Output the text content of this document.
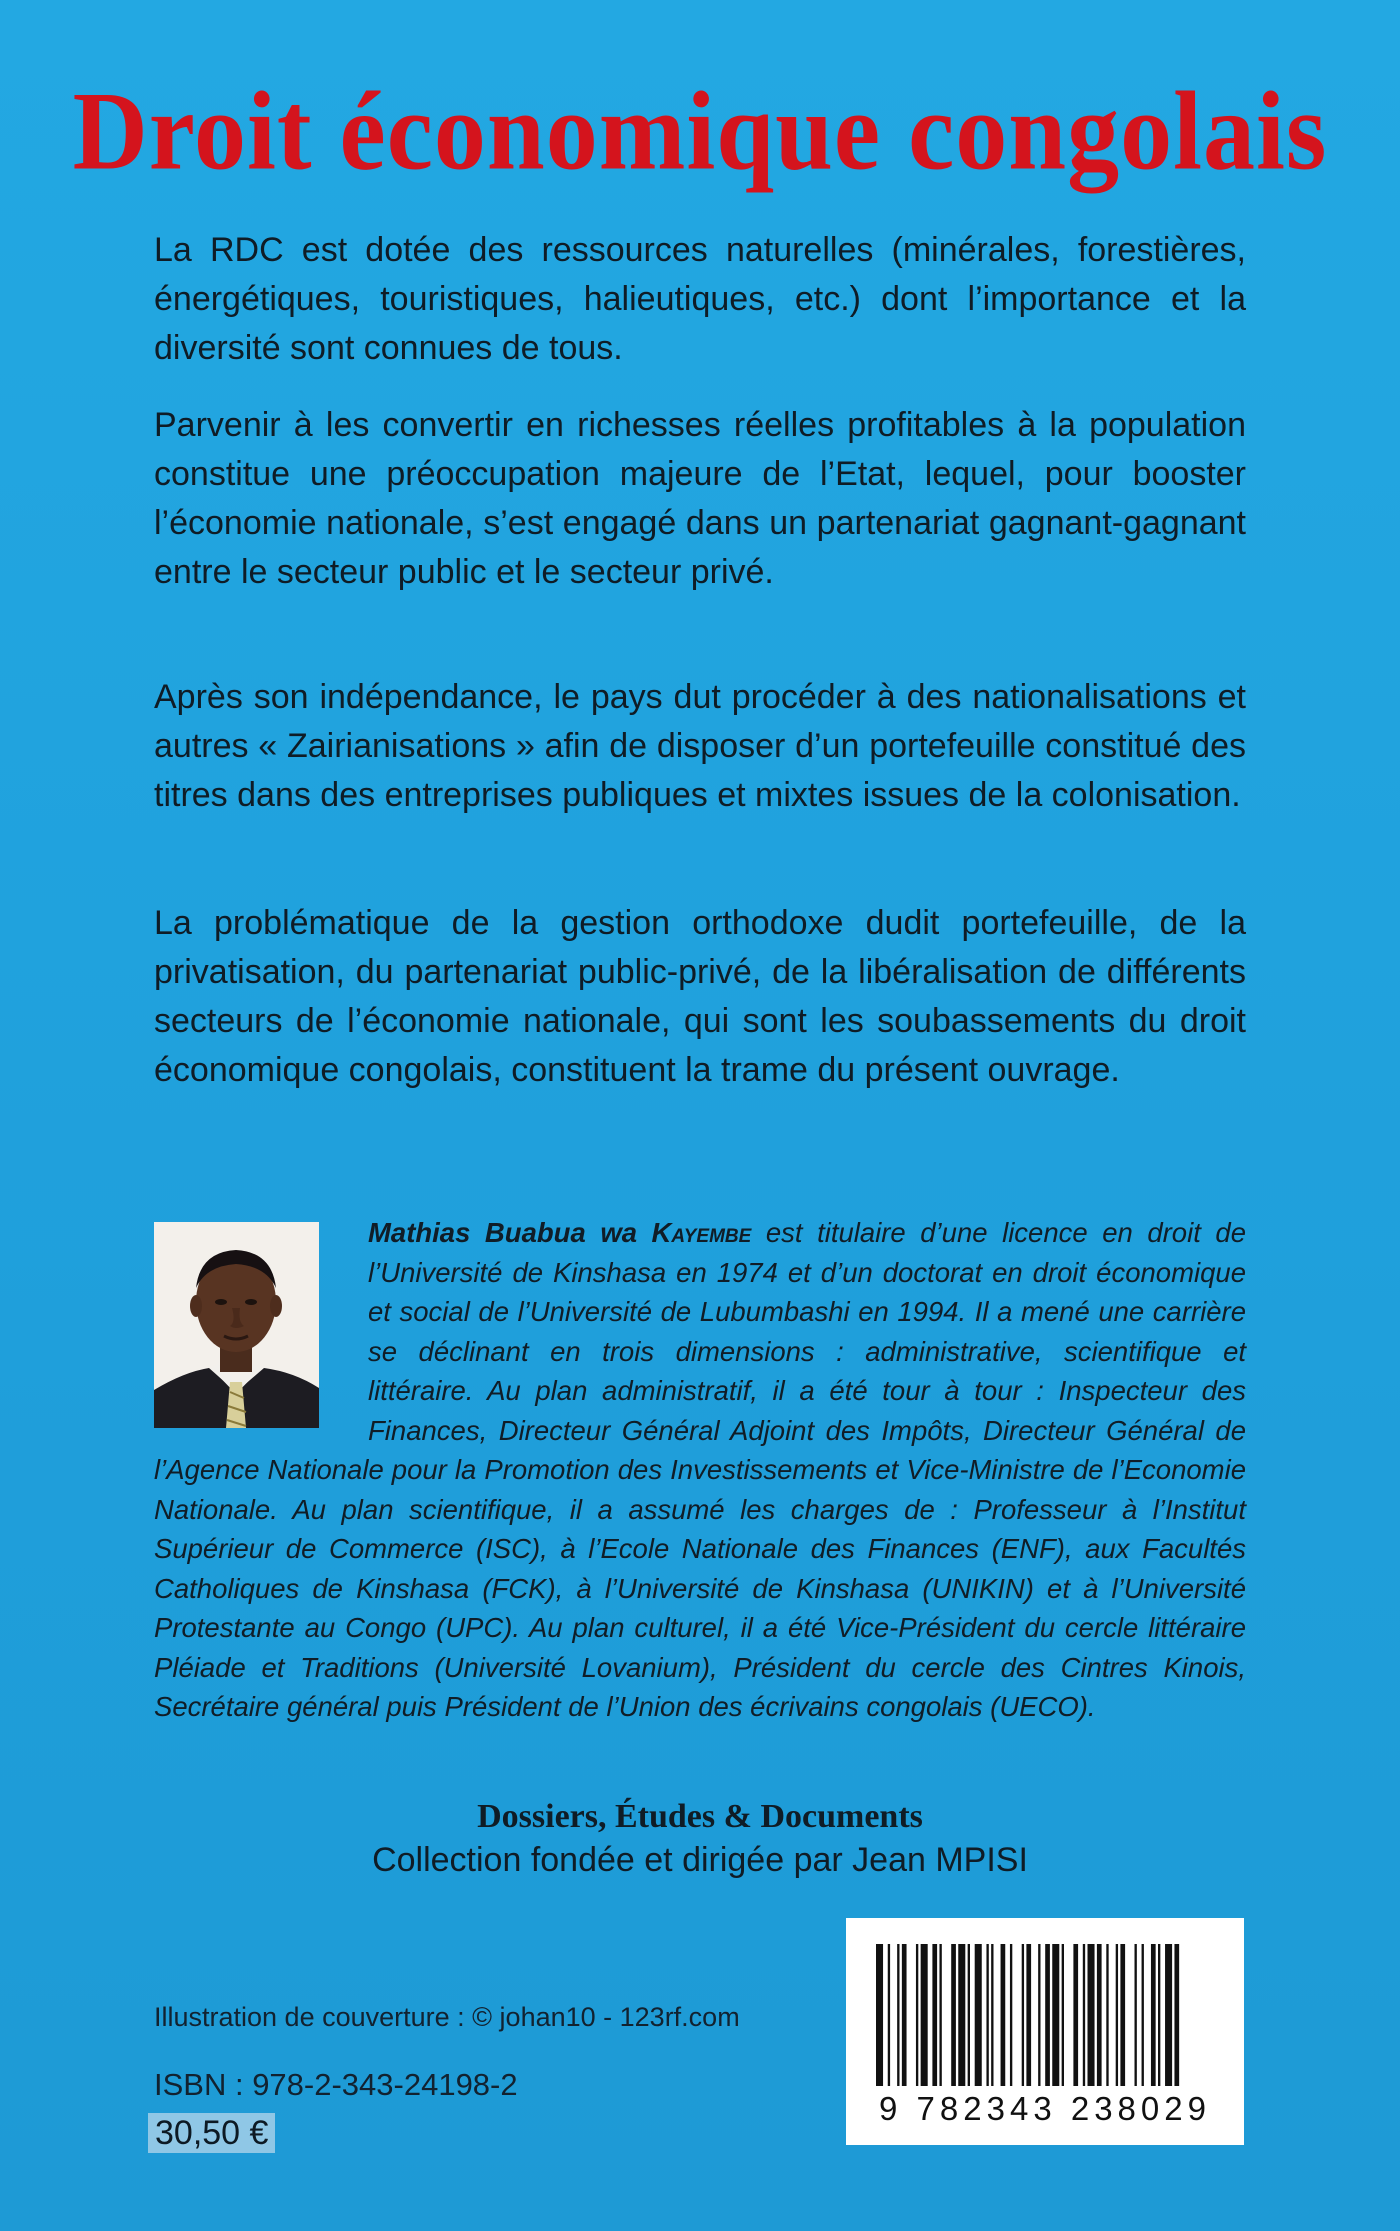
Droit économique congolais

La RDC est dotée des ressources naturelles (minérales, forestières, énergétiques, touristiques, halieutiques, etc.) dont l’importance et la diversité sont connues de tous.

Parvenir à les convertir en richesses réelles profitables à la population constitue une préoccupation majeure de l’Etat, lequel, pour booster l’économie nationale, s’est engagé dans un partenariat gagnant-gagnant entre le secteur public et le secteur privé.

Après son indépendance, le pays dut procéder à des nationalisations et autres « Zairianisations » afin de disposer d’un portefeuille constitué des titres dans des entreprises publiques et mixtes issues de la colonisation.

La problématique de la gestion orthodoxe dudit portefeuille, de la privatisation, du partenariat public-privé, de la libéralisation de différents secteurs de l’économie nationale, qui sont les soubassements du droit économique congolais, constituent la trame du présent ouvrage.

Mathias Buabua wa Kayembe est titulaire d’une licence en droit de l’Université de Kinshasa en 1974 et d’un doctorat en droit économique et social de l’Université de Lubumbashi en 1994. Il a mené une carrière se déclinant en trois dimensions : administrative, scientifique et littéraire. Au plan administratif, il a été tour à tour : Inspecteur des Finances, Directeur Général Adjoint des Impôts, Directeur Général de l’Agence Nationale pour la Promotion des Investissements et Vice-Ministre de l’Economie Nationale. Au plan scientifique, il a assumé les charges de : Professeur à l’Institut Supérieur de Commerce (ISC), à l’Ecole Nationale des Finances (ENF), aux Facultés Catholiques de Kinshasa (FCK), à l’Université de Kinshasa (UNIKIN) et à l’Université Protestante au Congo (UPC). Au plan culturel, il a été Vice-Président du cercle littéraire Pléiade et Traditions (Université Lovanium), Président du cercle des Cintres Kinois, Secrétaire général puis Président de l’Union des écrivains congolais (UECO).
Dossiers, Études & Documents
Collection fondée et dirigée par Jean MPISI
Illustration de couverture : © johan10 - 123rf.com
ISBN : 978-2-343-24198-2
30,50 €
9 782343 238029
